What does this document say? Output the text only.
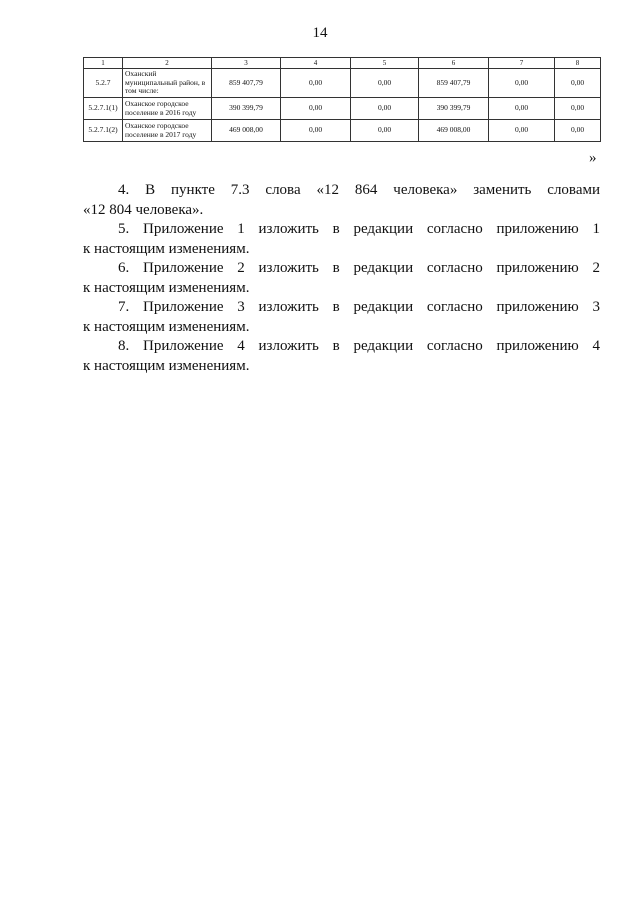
14
1	2	3	4	5	6	7	8
5.2.7	Оханский муниципальный район, в том числе:	859 407,79	0,00	0,00	859 407,79	0,00	0,00
5.2.7.1(1)	Оханское городское поселение в 2016 году	390 399,79	0,00	0,00	390 399,79	0,00	0,00
5.2.7.1(2)	Оханское городское поселение в 2017 году	469 008,00	0,00	0,00	469 008,00	0,00	0,00
»
4. В пункте 7.3 слова «12 864 человека» заменить словами
«12 804 человека».
5. Приложение 1 изложить в редакции согласно приложению 1
к настоящим изменениям.
6. Приложение 2 изложить в редакции согласно приложению 2
к настоящим изменениям.
7. Приложение 3 изложить в редакции согласно приложению 3
к настоящим изменениям.
8. Приложение 4 изложить в редакции согласно приложению 4
к настоящим изменениям.
